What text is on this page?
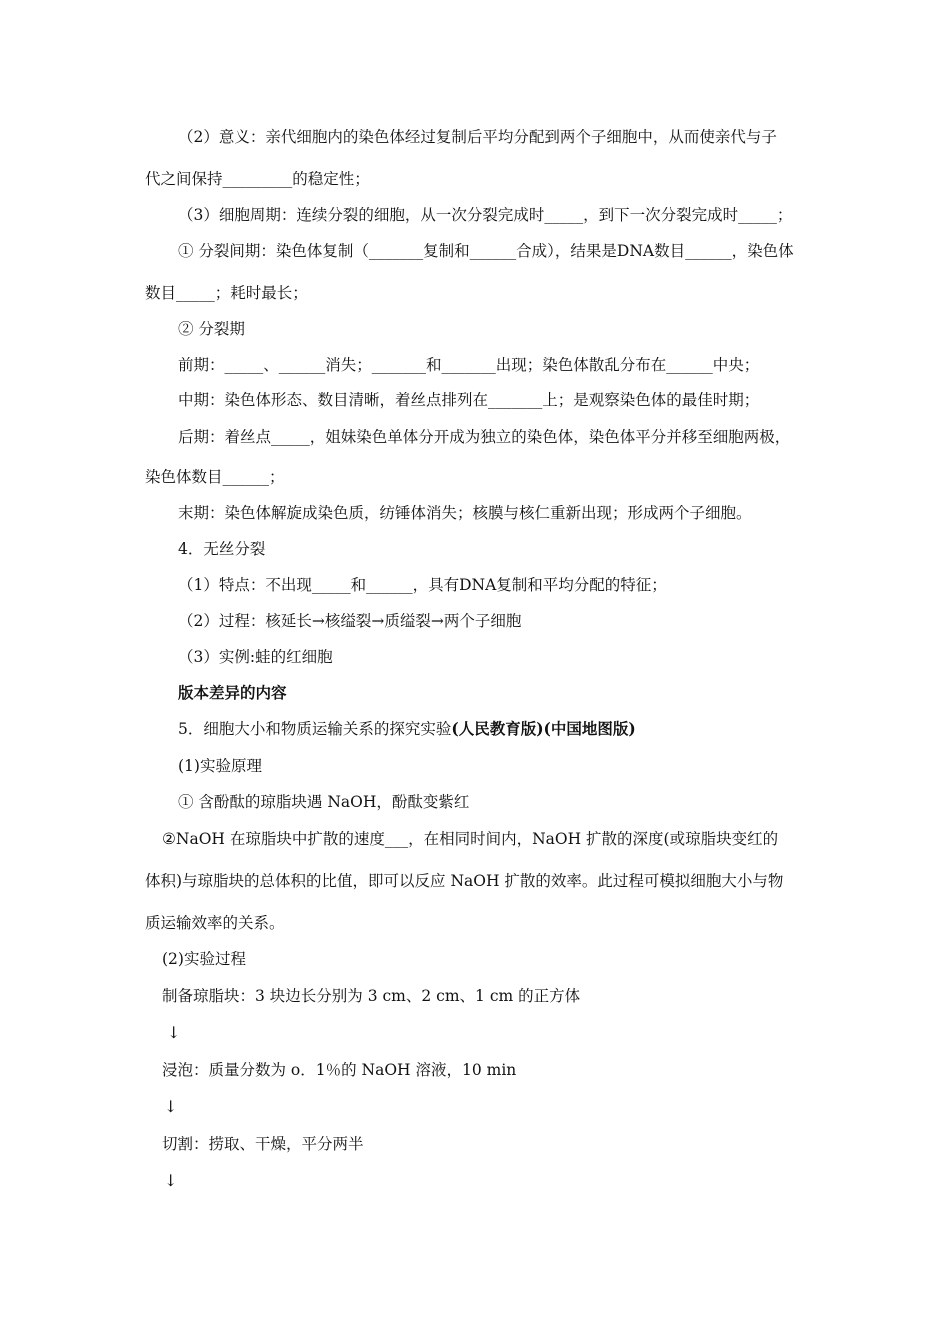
（2）意义：亲代细胞内的染色体经过复制后平均分配到两个子细胞中，从而使亲代与子
代之间保持_________的稳定性；
（3）细胞周期：连续分裂的细胞，从一次分裂完成时_____，到下一次分裂完成时_____；
① 分裂间期：染色体复制（_______复制和______合成），结果是DNA数目______，染色体
数目_____；耗时最长；
② 分裂期
前期：_____、______消失；_______和_______出现；染色体散乱分布在______中央；
中期：染色体形态、数目清晰，着丝点排列在_______上；是观察染色体的最佳时期；
后期：着丝点_____，姐妹染色单体分开成为独立的染色体，染色体平分并移至细胞两极，
染色体数目______；
末期：染色体解旋成染色质，纺锤体消失；核膜与核仁重新出现；形成两个子细胞。
4．无丝分裂
（1）特点：不出现_____和______，具有DNA复制和平均分配的特征；
（2）过程：核延长→核缢裂→质缢裂→两个子细胞
（3）实例:蛙的红细胞
版本差异的内容
5．细胞大小和物质运输关系的探究实验(人民教育版)(中国地图版)
(1)实验原理
① 含酚酞的琼脂块遇 NaOH，酚酞变紫红
②NaOH 在琼脂块中扩散的速度___，在相同时间内，NaOH 扩散的深度(或琼脂块变红的
体积)与琼脂块的总体积的比值，即可以反应 NaOH 扩散的效率。此过程可模拟细胞大小与物
质运输效率的关系。
(2)实验过程
制备琼脂块：3 块边长分别为 3 cm、2 cm、1 cm 的正方体
↓
浸泡：质量分数为 o．1％的 NaOH 溶液，10 min
↓
切割：捞取、干燥，平分两半
↓
